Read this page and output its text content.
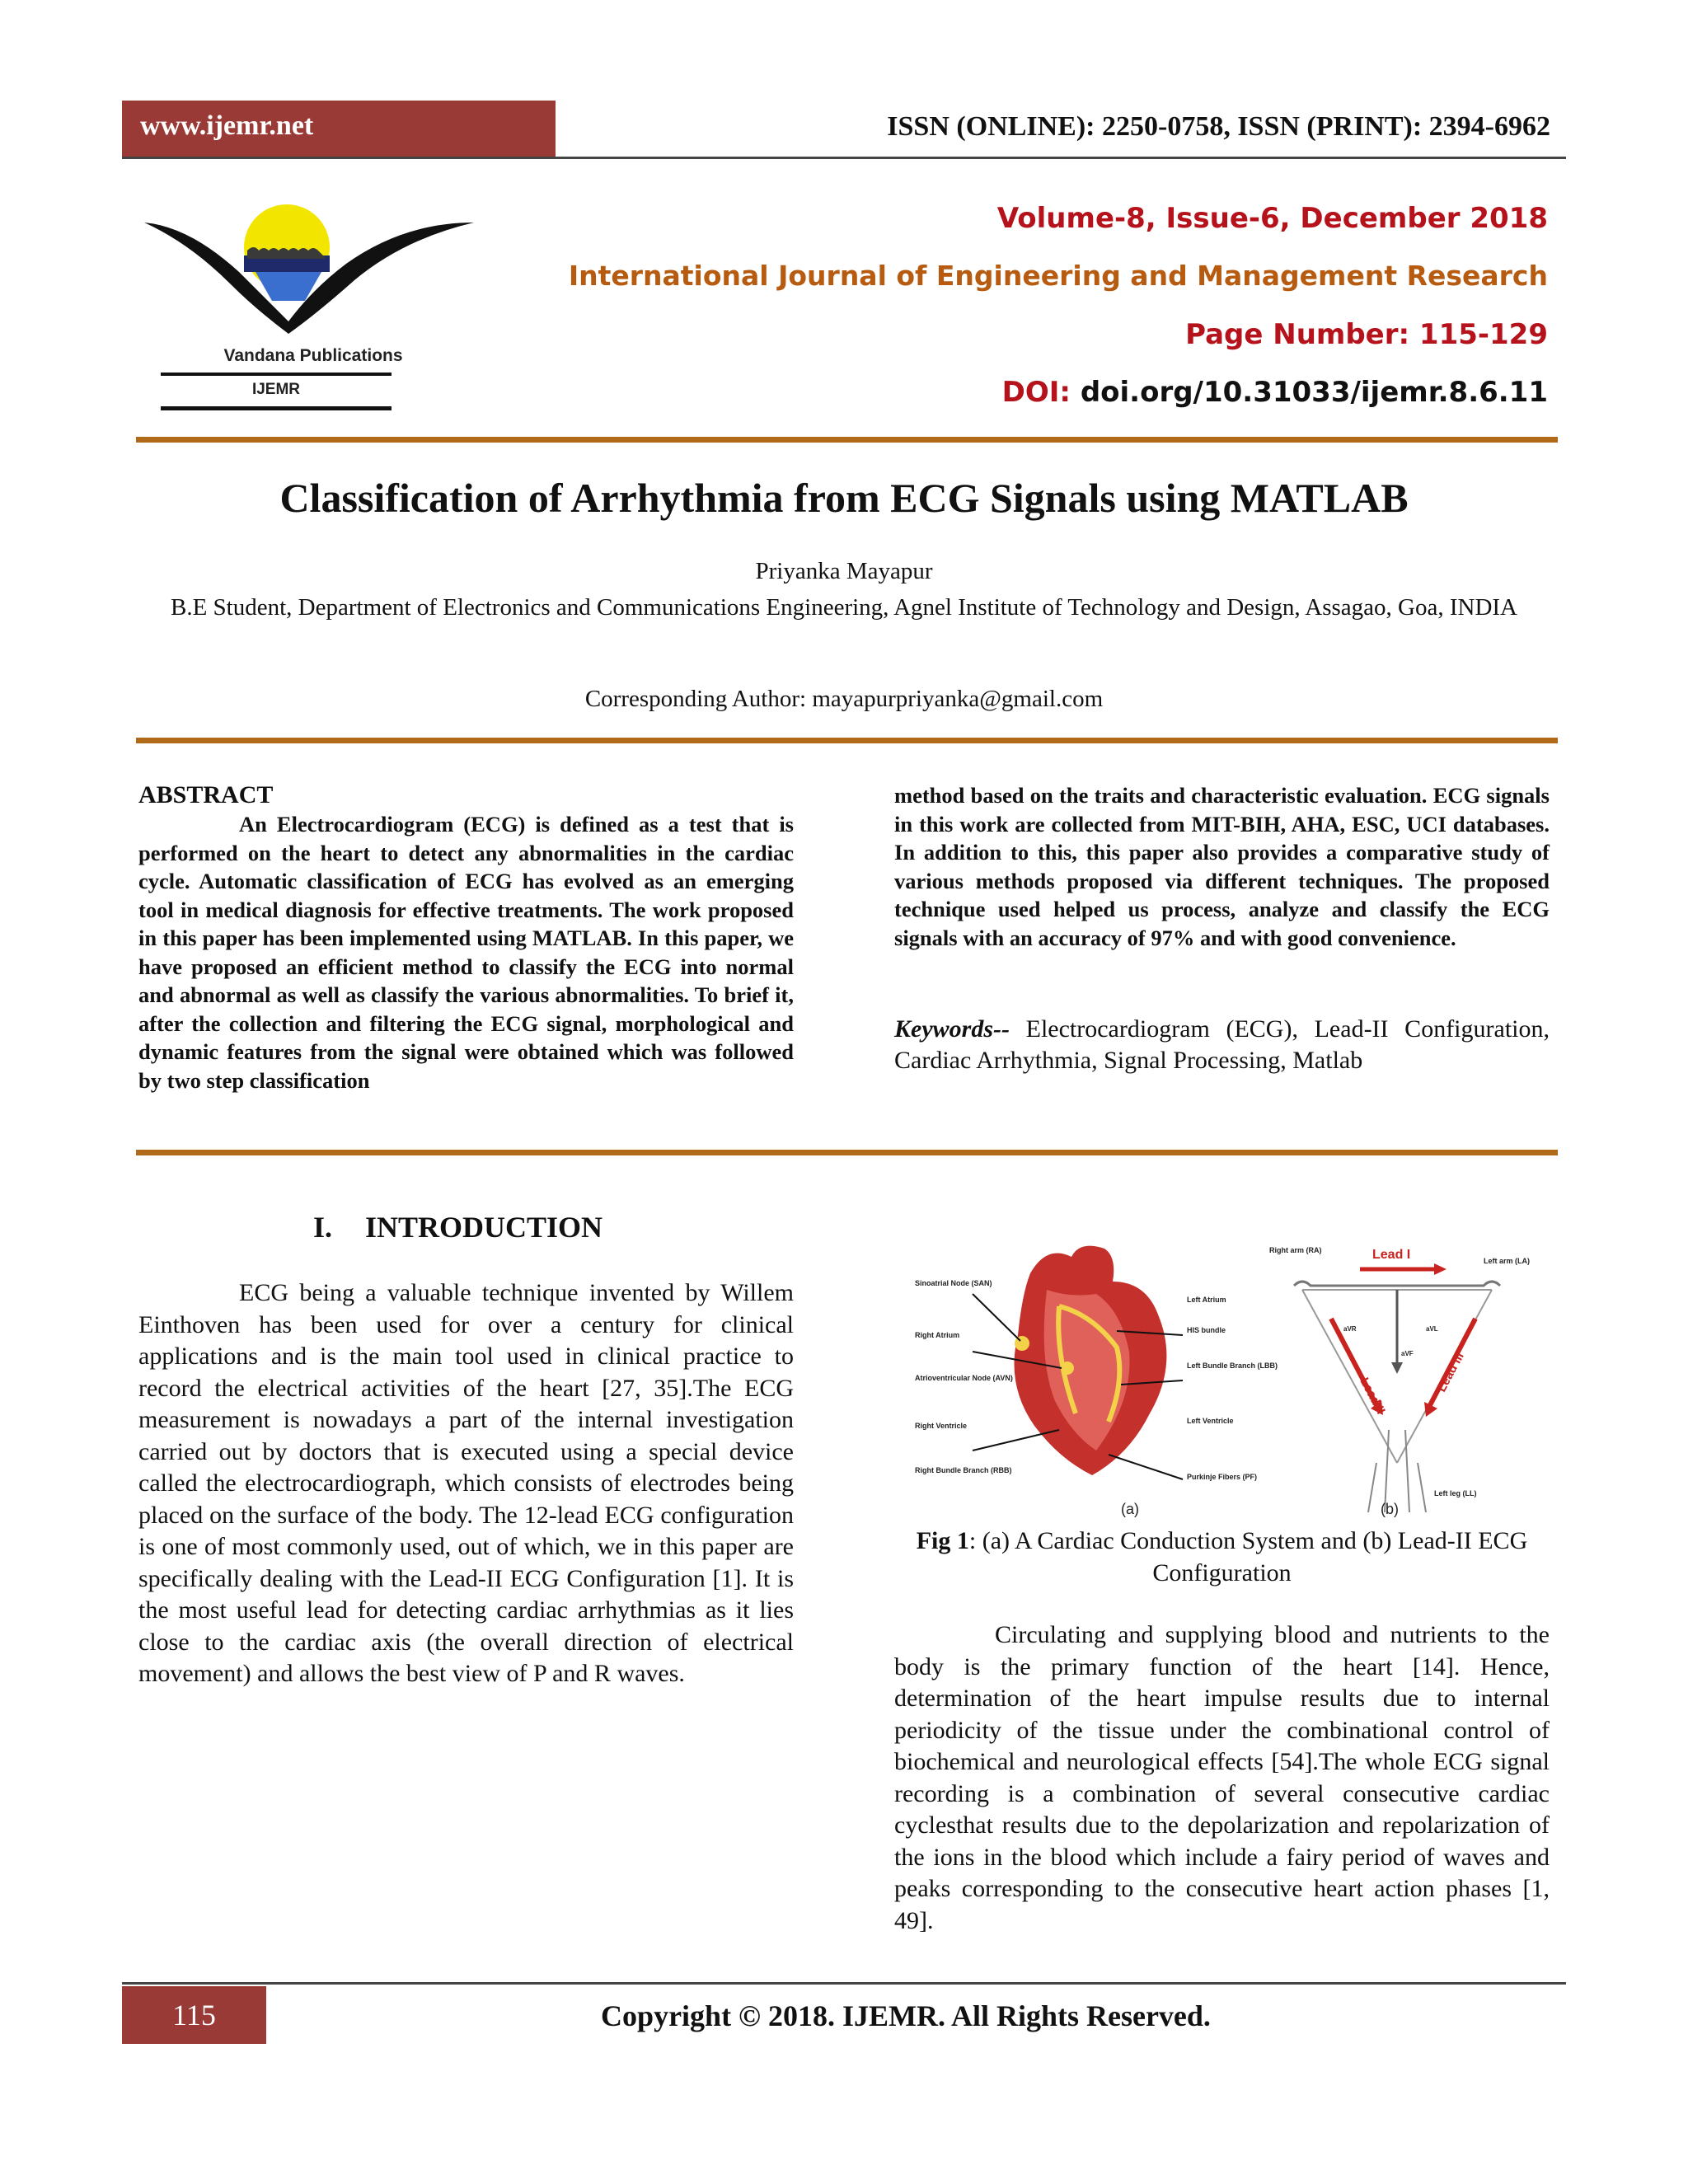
www.ijemr.net	ISSN (ONLINE): 2250-0758, ISSN (PRINT): 2394-6962
Vandana Publications
IJEMR
Volume-8, Issue-6, December 2018
International Journal of Engineering and Management Research
Page Number: 115-129
DOI: doi.org/10.31033/ijemr.8.6.11
Classification of Arrhythmia from ECG Signals using MATLAB
Priyanka Mayapur
B.E Student, Department of Electronics and Communications Engineering, Agnel Institute of Technology and Design, Assagao, Goa, INDIA
Corresponding Author: mayapurpriyanka@gmail.com
ABSTRACT
An Electrocardiogram (ECG) is defined as a test that is performed on the heart to detect any abnormalities in the cardiac cycle. Automatic classification of ECG has evolved as an emerging tool in medical diagnosis for effective treatments. The work proposed in this paper has been implemented using MATLAB. In this paper, we have proposed an efficient method to classify the ECG into normal and abnormal as well as classify the various abnormalities. To brief it, after the collection and filtering the ECG signal, morphological and dynamic features from the signal were obtained which was followed by two step classification
method based on the traits and characteristic evaluation. ECG signals in this work are collected from MIT-BIH, AHA, ESC, UCI databases. In addition to this, this paper also provides a comparative study of various methods proposed via different techniques. The proposed technique used helped us process, analyze and classify the ECG signals with an accuracy of 97% and with good convenience.
Keywords-- Electrocardiogram (ECG), Lead-II Configuration, Cardiac Arrhythmia, Signal Processing, Matlab
I. INTRODUCTION
ECG being a valuable technique invented by Willem Einthoven has been used for over a century for clinical applications and is the main tool used in clinical practice to record the electrical activities of the heart [27, 35].The ECG measurement is nowadays a part of the internal investigation carried out by doctors that is executed using a special device called the electrocardiograph, which consists of electrodes being placed on the surface of the body. The 12-lead ECG configuration is one of most commonly used, out of which, we in this paper are specifically dealing with the Lead-II ECG Configuration [1]. It is the most useful lead for detecting cardiac arrhythmias as it lies close to the cardiac axis (the overall direction of electrical movement) and allows the best view of P and R waves.
Sinoatrial Node (SAN)
Right Atrium
Atrioventricular Node (AVN)
Right Ventricle
Right Bundle Branch (RBB)
Left Atrium
HIS bundle
Left Bundle Branch (LBB)
Left Ventricle
Purkinje Fibers (PF)
(a)
Right arm (RA)
Left arm (LA)
Left leg (LL)
Lead I
aVR	aVL
aVF
Lead II
Lead III
(b)
Fig 1: (a) A Cardiac Conduction System and (b) Lead-II ECG Configuration
Circulating and supplying blood and nutrients to the body is the primary function of the heart [14]. Hence, determination of the heart impulse results due to internal periodicity of the tissue under the combinational control of biochemical and neurological effects [54].The whole ECG signal recording is a combination of several consecutive cardiac cyclesthat results due to the depolarization and repolarization of the ions in the blood which include a fairy period of waves and peaks corresponding to the consecutive heart action phases [1, 49].
115	Copyright © 2018. IJEMR. All Rights Reserved.
